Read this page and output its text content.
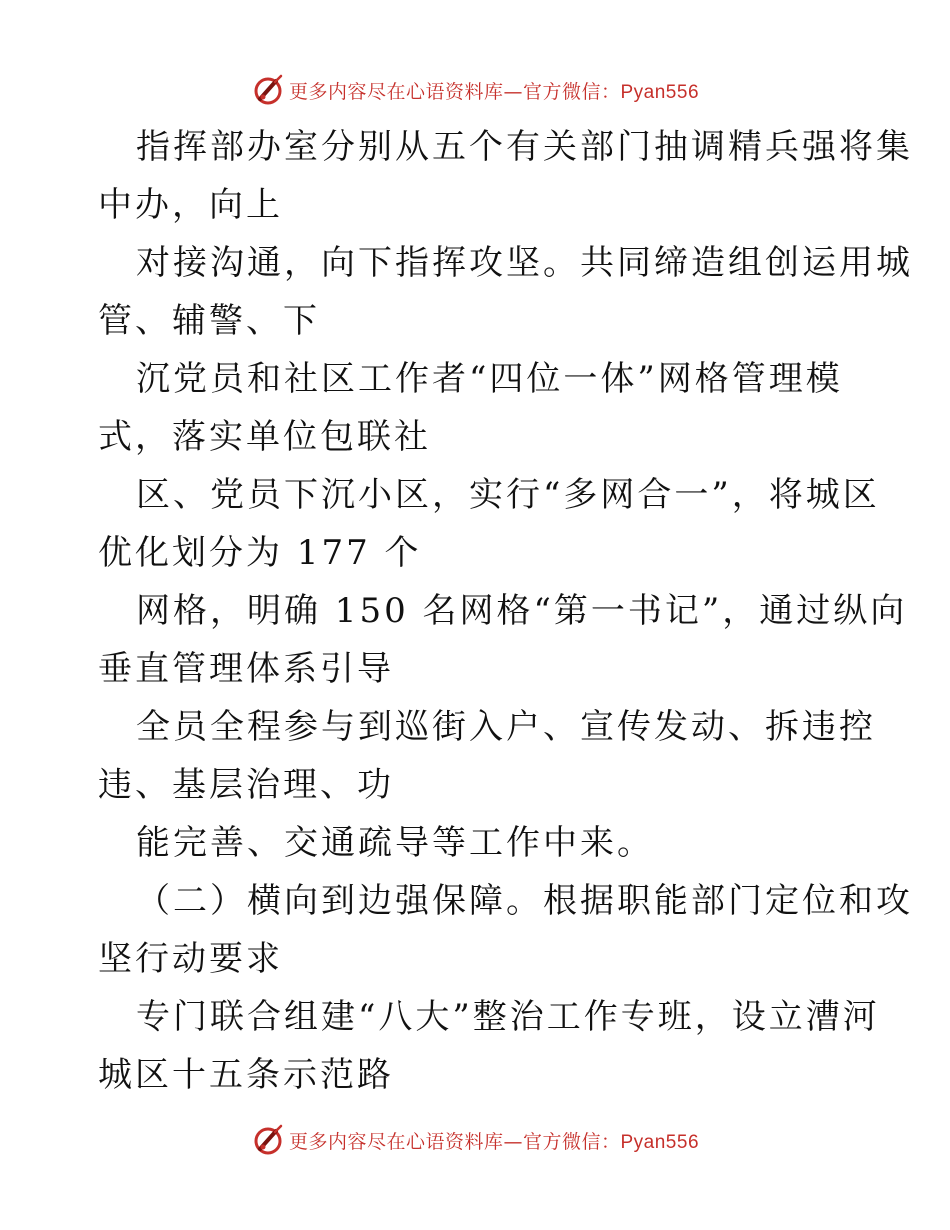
更多内容尽在心语资料库—官方微信：Pyan556
指挥部办室分别从五个有关部门抽调精兵强将集
中办，向上
对接沟通，向下指挥攻坚。共同缔造组创运用城
管、辅警、下
沉党员和社区工作者“四位一体”网格管理模
式，落实单位包联社
区、党员下沉小区，实行“多网合一”，将城区
优化划分为 177 个
网格，明确 150 名网格“第一书记”，通过纵向
垂直管理体系引导
全员全程参与到巡街入户、宣传发动、拆违控
违、基层治理、功
能完善、交通疏导等工作中来。
（二）横向到边强保障。根据职能部门定位和攻
坚行动要求
专门联合组建“八大”整治工作专班，设立漕河
城区十五条示范路
更多内容尽在心语资料库—官方微信：Pyan556
